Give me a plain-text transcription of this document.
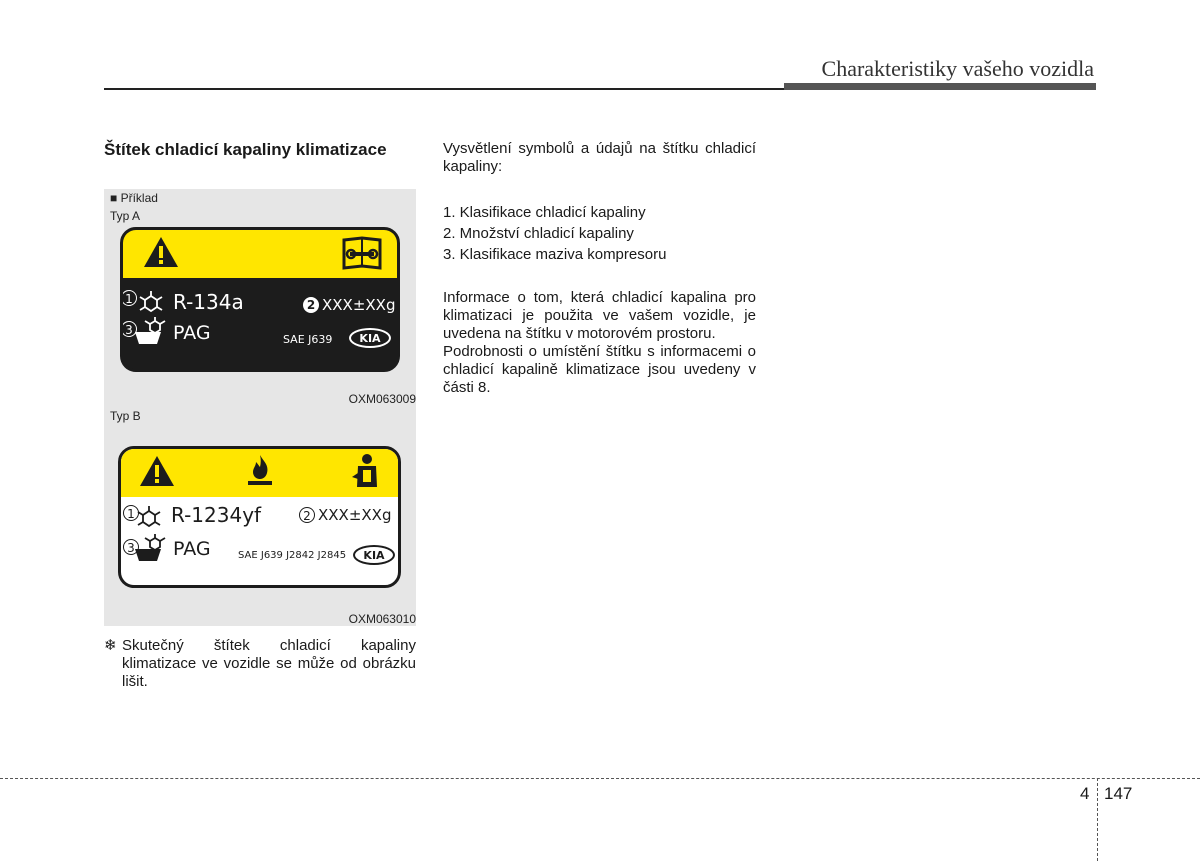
Charakteristiky vašeho vozidla
Štítek chladicí kapaliny klimatizace
■ Příklad
Typ A
1 R-134a	2 XXX±XXg
3 PAG	SAE J639	KIA
OXM063009
Typ B
1 R-1234yf	2 XXX±XXg
3 PAG	SAE J639 J2842 J2845	KIA
OXM063010
❄ Skutečný štítek chladicí kapaliny klimatizace ve vozidle se může od obrázku lišit.

Vysvětlení symbolů a údajů na štítku chladicí kapaliny:

1. Klasifikace chladicí kapaliny
2. Množství chladicí kapaliny
3. Klasifikace maziva kompresoru

Informace o tom, která chladicí kapalina pro klimatizaci je použita ve vašem vozidle, je uvedena na štítku v motorovém prostoru.

Podrobnosti o umístění štítku s informacemi o chladicí kapalině klimatizace jsou uvedeny v části 8.

4 147
